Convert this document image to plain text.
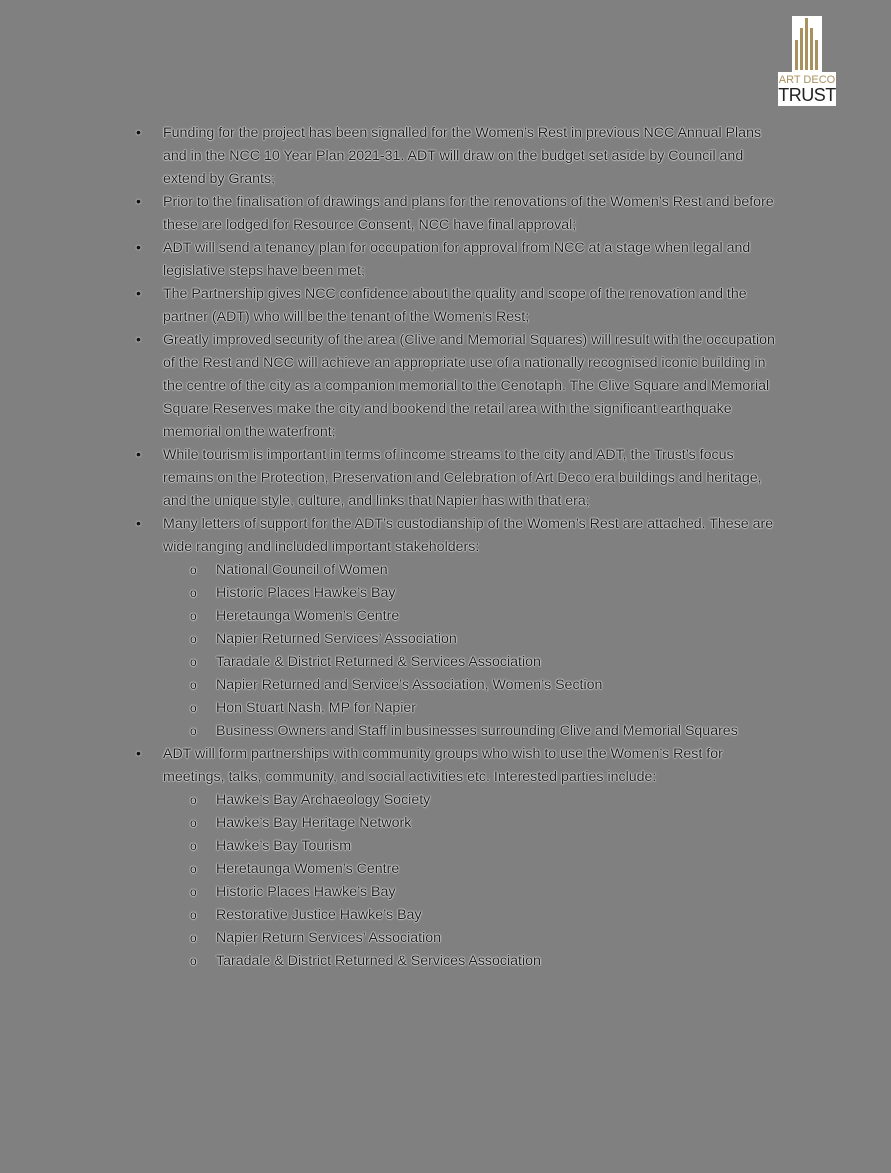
ART DECO
TRUST
• Funding for the project has been signalled for the Women’s Rest in previous NCC Annual Plans and in the NCC 10 Year Plan 2021-31. ADT will draw on the budget set aside by Council and extend by Grants;
• Prior to the finalisation of drawings and plans for the renovations of the Women’s Rest and before these are lodged for Resource Consent, NCC have final approval;
• ADT will send a tenancy plan for occupation for approval from NCC at a stage when legal and legislative steps have been met;
• The Partnership gives NCC confidence about the quality and scope of the renovation and the partner (ADT) who will be the tenant of the Women’s Rest;
• Greatly improved security of the area (Clive and Memorial Squares) will result with the occupation of the Rest and NCC will achieve an appropriate use of a nationally recognised iconic building in the centre of the city as a companion memorial to the Cenotaph. The Clive Square and Memorial Square Reserves make the city and bookend the retail area with the significant earthquake memorial on the waterfront;
• While tourism is important in terms of income streams to the city and ADT, the Trust’s focus remains on the Protection, Preservation and Celebration of Art Deco era buildings and heritage, and the unique style, culture, and links that Napier has with that era;
• Many letters of support for the ADT’s custodianship of the Women’s Rest are attached. These are wide ranging and included important stakeholders:
o National Council of Women
o Historic Places Hawke’s Bay
o Heretaunga Women’s Centre
o Napier Returned Services’ Association
o Taradale & District Returned & Services Association
o Napier Returned and Service’s Association, Women’s Section
o Hon Stuart Nash, MP for Napier
o Business Owners and Staff in businesses surrounding Clive and Memorial Squares
• ADT will form partnerships with community groups who wish to use the Women’s Rest for meetings, talks, community, and social activities etc. Interested parties include:
o Hawke’s Bay Archaeology Society
o Hawke’s Bay Heritage Network
o Hawke’s Bay Tourism
o Heretaunga Women’s Centre
o Historic Places Hawke’s Bay
o Restorative Justice Hawke’s Bay
o Napier Return Services’ Association
o Taradale & District Returned & Services Association
